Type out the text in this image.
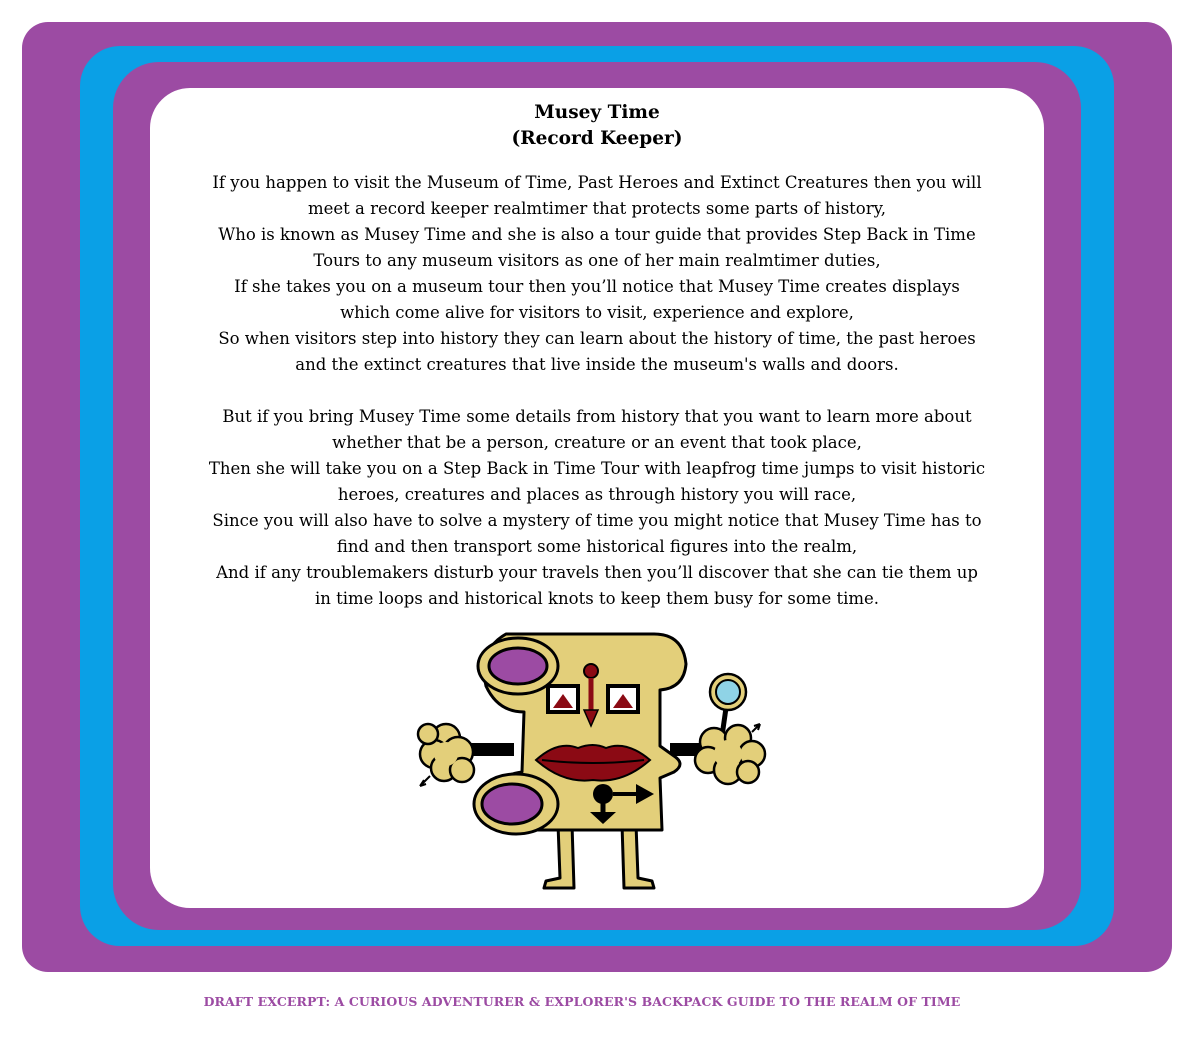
Musey Time
(Record Keeper)

If you happen to visit the Museum of Time, Past Heroes and Extinct Creatures then you will
meet a record keeper realmtimer that protects some parts of history,
Who is known as Musey Time and she is also a tour guide that provides Step Back in Time
Tours to any museum visitors as one of her main realmtimer duties,
If she takes you on a museum tour then you’ll notice that Musey Time creates displays
which come alive for visitors to visit, experience and explore,
So when visitors step into history they can learn about the history of time, the past heroes
and the extinct creatures that live inside the museum's walls and doors.

But if you bring Musey Time some details from history that you want to learn more about
whether that be a person, creature or an event that took place,
Then she will take you on a Step Back in Time Tour with leapfrog time jumps to visit historic
heroes, creatures and places as through history you will race,
Since you will also have to solve a mystery of time you might notice that Musey Time has to
find and then transport some historical figures into the realm,
And if any troublemakers disturb your travels then you’ll discover that she can tie them up
in time loops and historical knots to keep them busy for some time.

DRAFT EXCERPT: A CURIOUS ADVENTURER & EXPLORER'S BACKPACK GUIDE TO THE REALM OF TIME
